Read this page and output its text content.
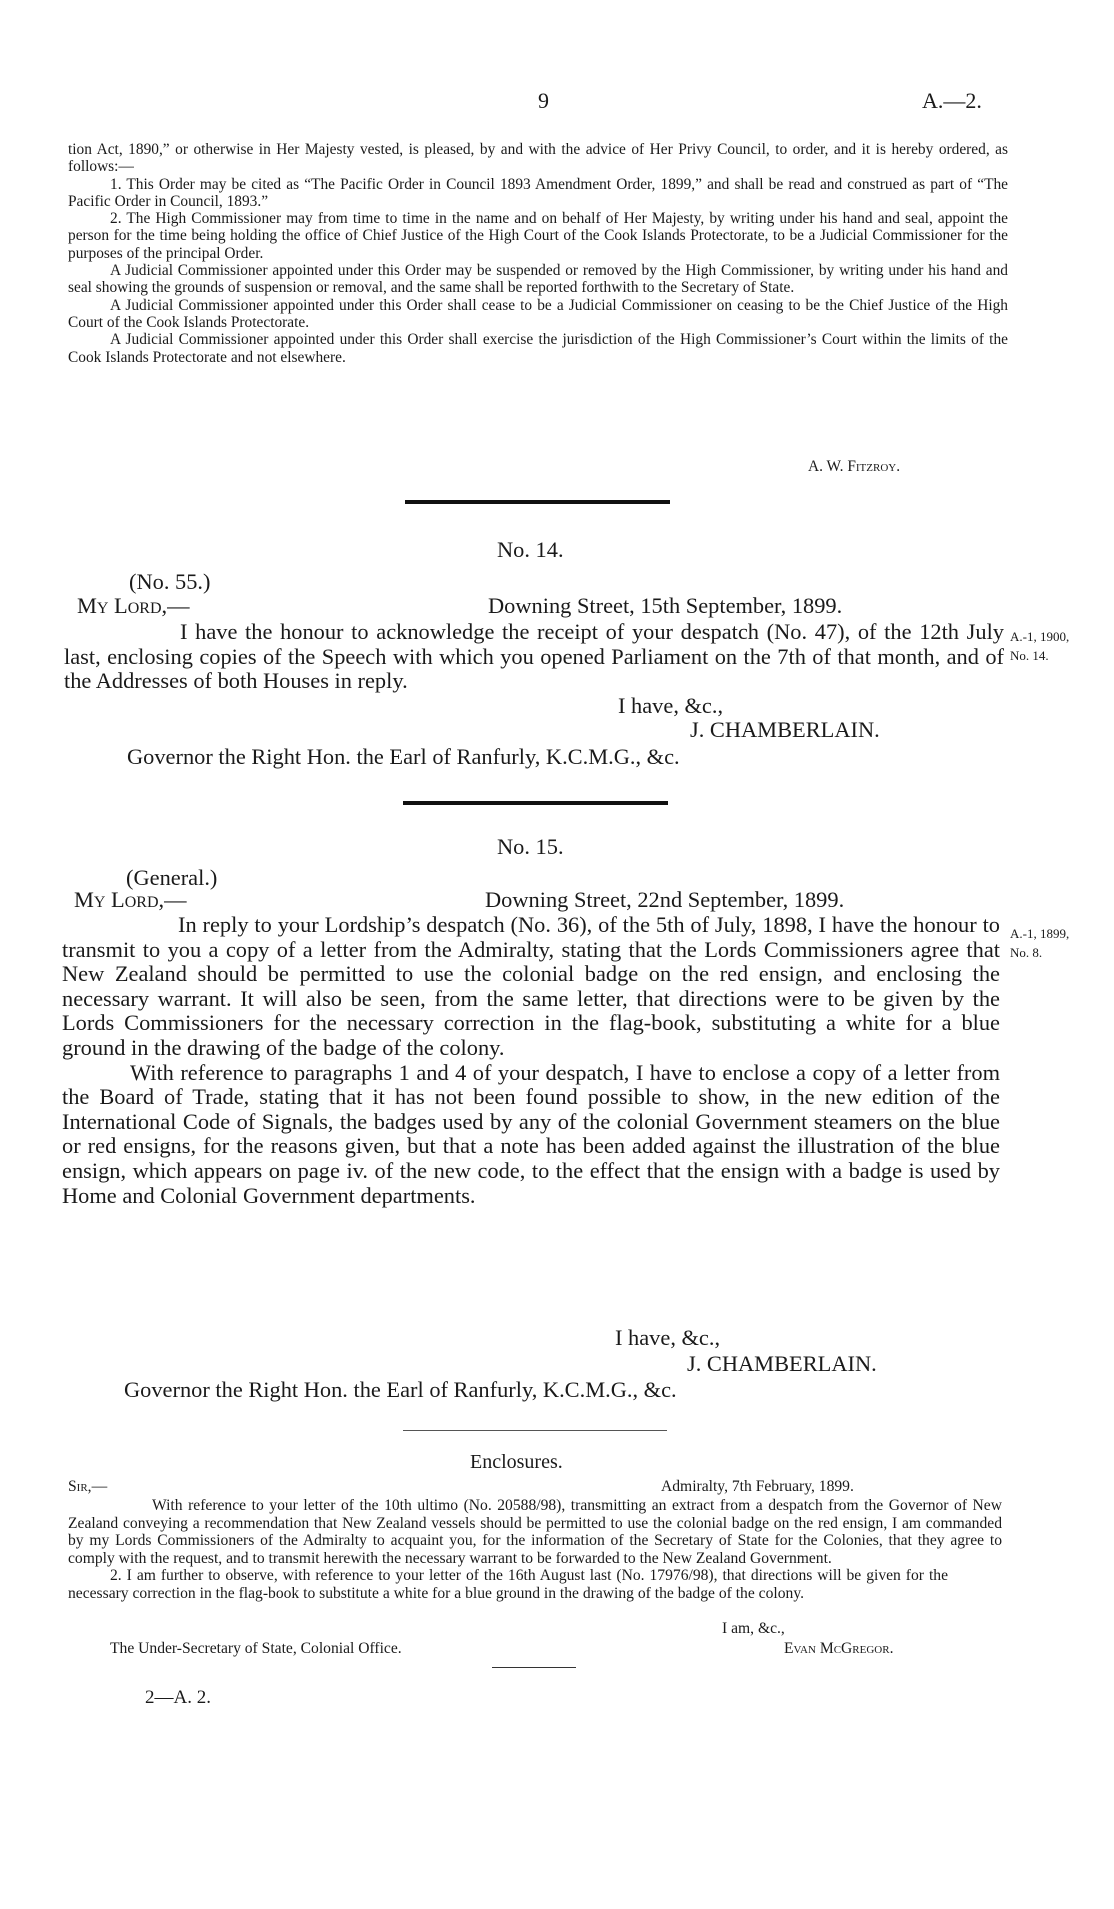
9	A.—2.

tion Act, 1890,” or otherwise in Her Majesty vested, is pleased, by and with the advice of Her Privy Council, to order, and it is hereby ordered, as follows:—

1. This Order may be cited as “The Pacific Order in Council 1893 Amendment Order, 1899,” and shall be read and construed as part of “The Pacific Order in Council, 1893.”

2. The High Commissioner may from time to time in the name and on behalf of Her Majesty, by writing under his hand and seal, appoint the person for the time being holding the office of Chief Justice of the High Court of the Cook Islands Protectorate, to be a Judicial Commissioner for the purposes of the principal Order.

A Judicial Commissioner appointed under this Order may be suspended or removed by the High Commissioner, by writing under his hand and seal showing the grounds of suspension or removal, and the same shall be reported forthwith to the Secretary of State.

A Judicial Commissioner appointed under this Order shall cease to be a Judicial Commissioner on ceasing to be the Chief Justice of the High Court of the Cook Islands Protectorate.

A Judicial Commissioner appointed under this Order shall exercise the jurisdiction of the High Commissioner’s Court within the limits of the Cook Islands Protectorate and not elsewhere.

A. W. Fitzroy.
No. 14.
(No. 55.)
My Lord,—	Downing Street, 15th September, 1899.

I have the honour to acknowledge the receipt of your despatch (No. 47), of the 12th July last, enclosing copies of the Speech with which you opened Parliament on the 7th of that month, and of the Addresses of both Houses in reply.

I have, &c.,
J. CHAMBERLAIN.
Governor the Right Hon. the Earl of Ranfurly, K.C.M.G., &c.
A.-1, 1900,
No. 14.
No. 15.
(General.)
My Lord,—	Downing Street, 22nd September, 1899.

In reply to your Lordship’s despatch (No. 36), of the 5th of July, 1898, I have the honour to transmit to you a copy of a letter from the Admiralty, stating that the Lords Commissioners agree that New Zealand should be permitted to use the colonial badge on the red ensign, and enclosing the necessary warrant. It will also be seen, from the same letter, that directions were to be given by the Lords Commissioners for the necessary correction in the flag-book, substituting a white for a blue ground in the drawing of the badge of the colony.

With reference to paragraphs 1 and 4 of your despatch, I have to enclose a copy of a letter from the Board of Trade, stating that it has not been found possible to show, in the new edition of the International Code of Signals, the badges used by any of the colonial Government steamers on the blue or red ensigns, for the reasons given, but that a note has been added against the illustration of the blue ensign, which appears on page iv. of the new code, to the effect that the ensign with a badge is used by Home and Colonial Government departments.

I have, &c.,
J. CHAMBERLAIN.
Governor the Right Hon. the Earl of Ranfurly, K.C.M.G., &c.
A.-1, 1899,
No. 8.
Enclosures.
Sir,—	Admiralty, 7th February, 1899.

With reference to your letter of the 10th ultimo (No. 20588/98), transmitting an extract from a despatch from the Governor of New Zealand conveying a recommendation that New Zealand vessels should be permitted to use the colonial badge on the red ensign, I am commanded by my Lords Commissioners of the Admiralty to acquaint you, for the information of the Secretary of State for the Colonies, that they agree to comply with the request, and to transmit herewith the necessary warrant to be forwarded to the New Zealand Government.

2. I am further to observe, with reference to your letter of the 16th August last (No. 17976/98), that directions will be given for the necessary correction in the flag-book to substitute a white for a blue ground in the drawing of the badge of the colony.

I am, &c.,
The Under-Secretary of State, Colonial Office.	Evan McGregor.
2—A. 2.
